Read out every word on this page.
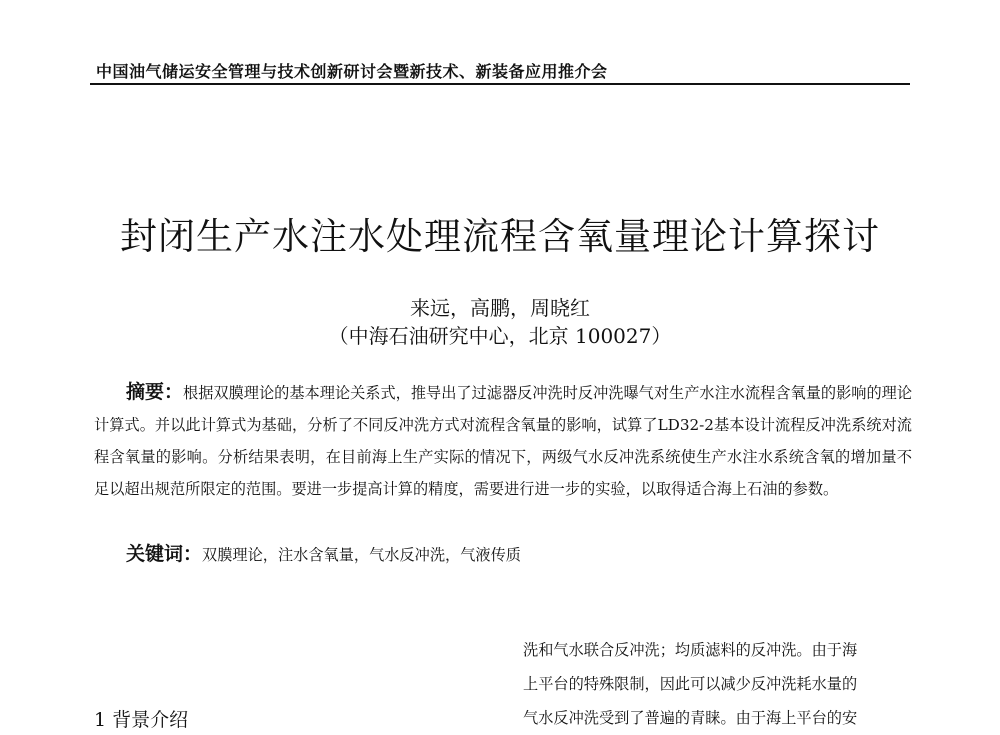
中国油气储运安全管理与技术创新研讨会暨新技术、新装备应用推介会
封闭生产水注水处理流程含氧量理论计算探讨
来远，高鹏，周晓红
（中海石油研究中心，北京 100027）

摘要：根据双膜理论的基本理论关系式，推导出了过滤器反冲洗时反冲洗曝气对生产水注水流程含氧量的影响的理论计算式。并以此计算式为基础，分析了不同反冲洗方式对流程含氧量的影响，试算了LD32-2基本设计流程反冲洗系统对流程含氧量的影响。分析结果表明，在目前海上生产实际的情况下，两级气水反冲洗系统使生产水注水系统含氧的增加量不足以超出规范所限定的范围。要进一步提高计算的精度，需要进行进一步的实验，以取得适合海上石油的参数。

关键词：双膜理论，注水含氧量，气水反冲洗，气液传质
1 背景介绍
洗和气水联合反冲洗；均质滤料的反冲洗。由于海
上平台的特殊限制，因此可以减少反冲洗耗水量的
气水反冲洗受到了普遍的青睐。由于海上平台的安
